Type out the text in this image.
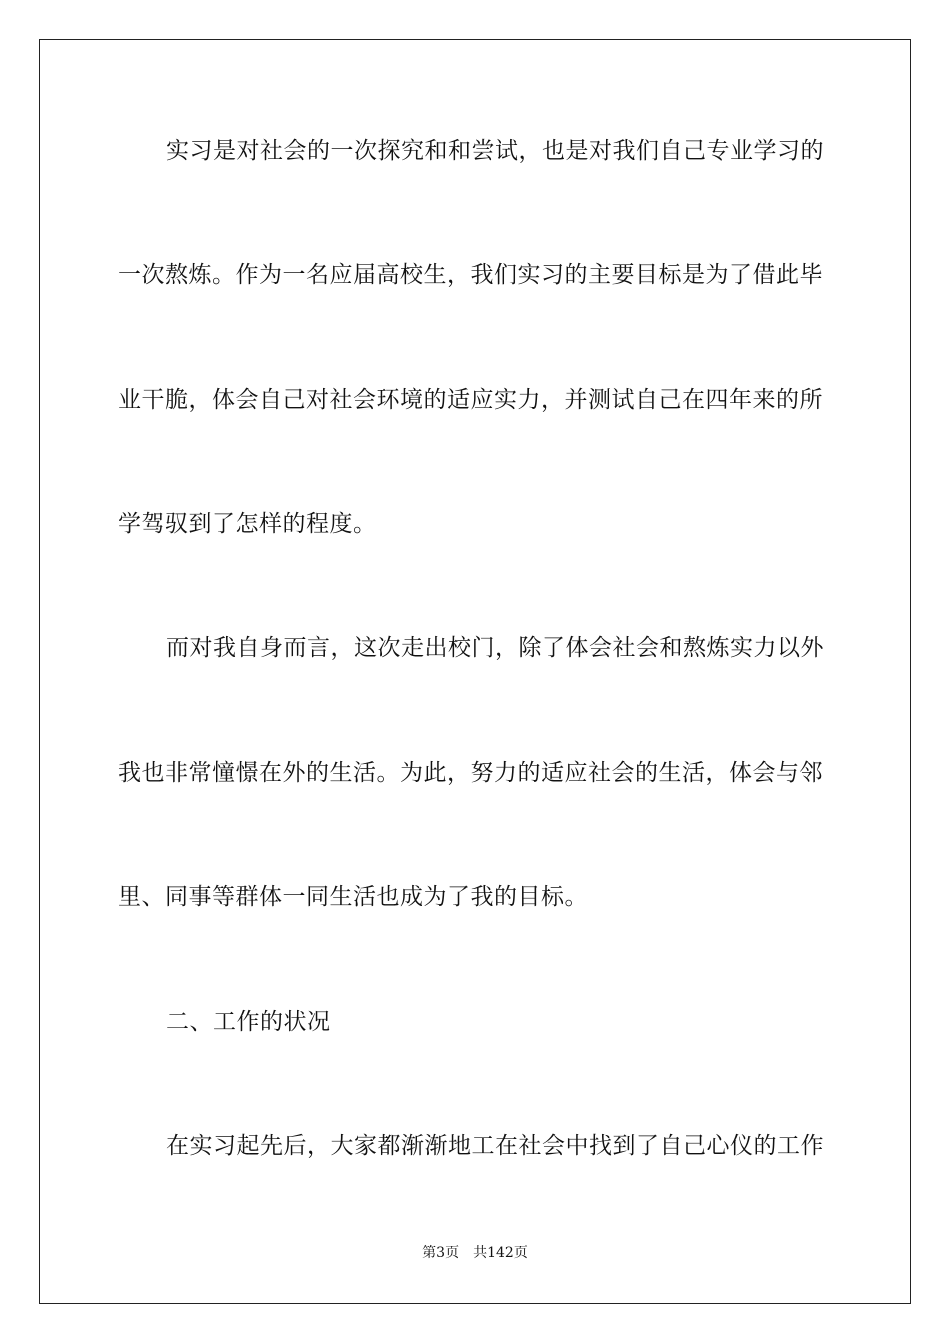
实习是对社会的一次探究和和尝试，也是对我们自己专业学习的
一次熬炼。作为一名应届高校生，我们实习的主要目标是为了借此毕
业干脆，体会自己对社会环境的适应实力，并测试自己在四年来的所
学驾驭到了怎样的程度。
而对我自身而言，这次走出校门，除了体会社会和熬炼实力以外
我也非常憧憬在外的生活。为此，努力的适应社会的生活，体会与邻
里、同事等群体一同生活也成为了我的目标。
二、工作的状况
在实习起先后，大家都渐渐地工在社会中找到了自己心仪的工作
第3页 共142页
